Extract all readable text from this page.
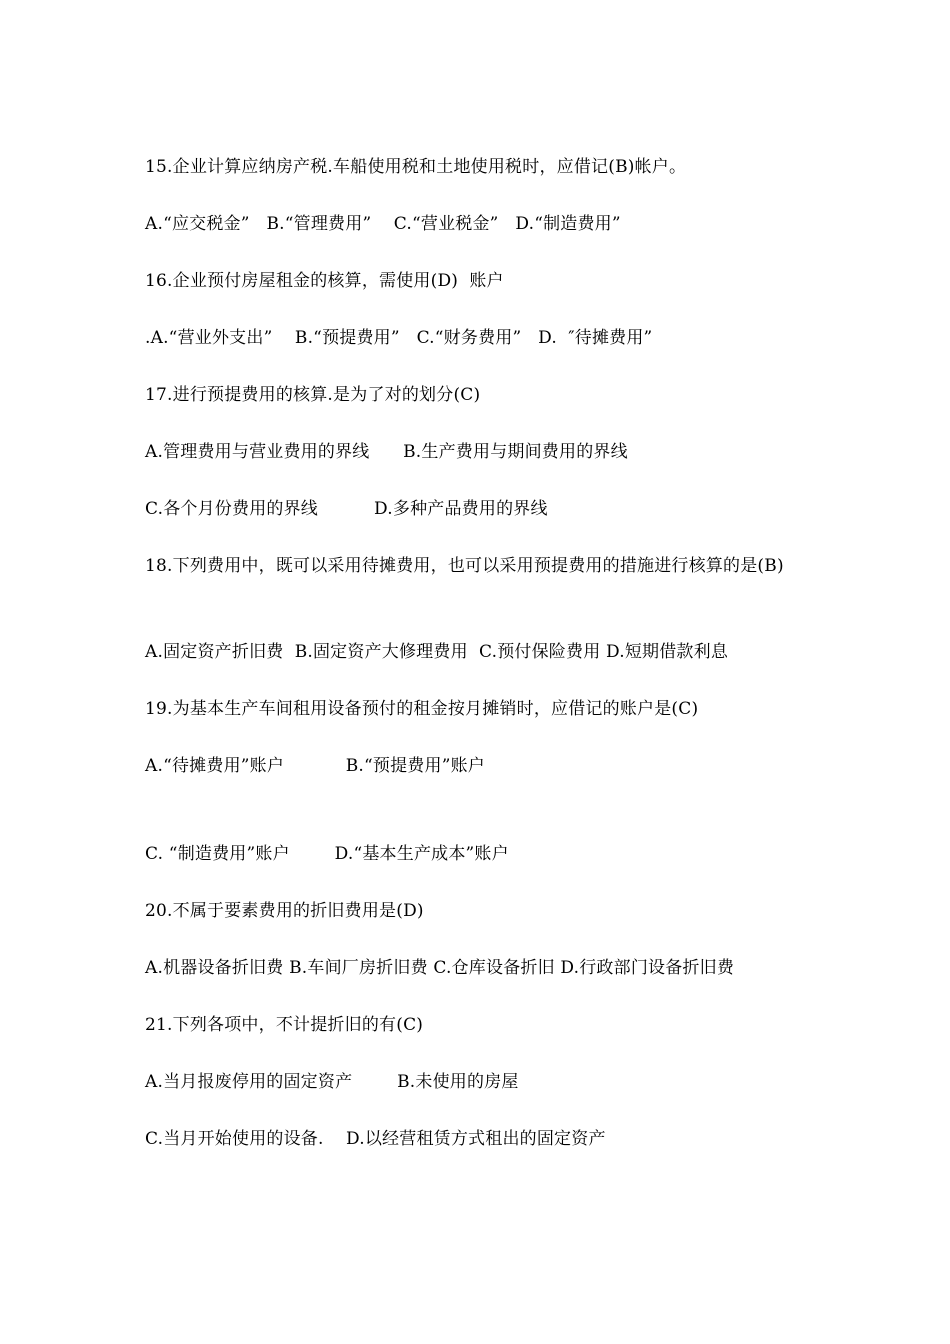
15.企业计算应纳房产税.车船使用税和土地使用税时，应借记(B)帐户。
A.“应交税金”   B.“管理费用”    C.“营业税金”   D.“制造费用”
16.企业预付房屋租金的核算，需使用(D)  账户
.A.“营业外支出”    B.“预提费用”   C.“财务费用”   D.  ″待摊费用”
17.进行预提费用的核算.是为了对的划分(C)
A.管理费用与营业费用的界线      B.生产费用与期间费用的界线
C.各个月份费用的界线          D.多种产品费用的界线
18.下列费用中，既可以采用待摊费用，也可以采用预提费用的措施进行核算的是(B)
A.固定资产折旧费  B.固定资产大修理费用  C.预付保险费用 D.短期借款利息
19.为基本生产车间租用设备预付的租金按月摊销时，应借记的账户是(C)
A.“待摊费用”账户           B.“预提费用”账户
C. “制造费用”账户        D.“基本生产成本”账户
20.不属于要素费用的折旧费用是(D)
A.机器设备折旧费 B.车间厂房折旧费 C.仓库设备折旧 D.行政部门设备折旧费
21.下列各项中，不计提折旧的有(C)
A.当月报废停用的固定资产        B.未使用的房屋
C.当月开始使用的设备.    D.以经营租赁方式租出的固定资产
